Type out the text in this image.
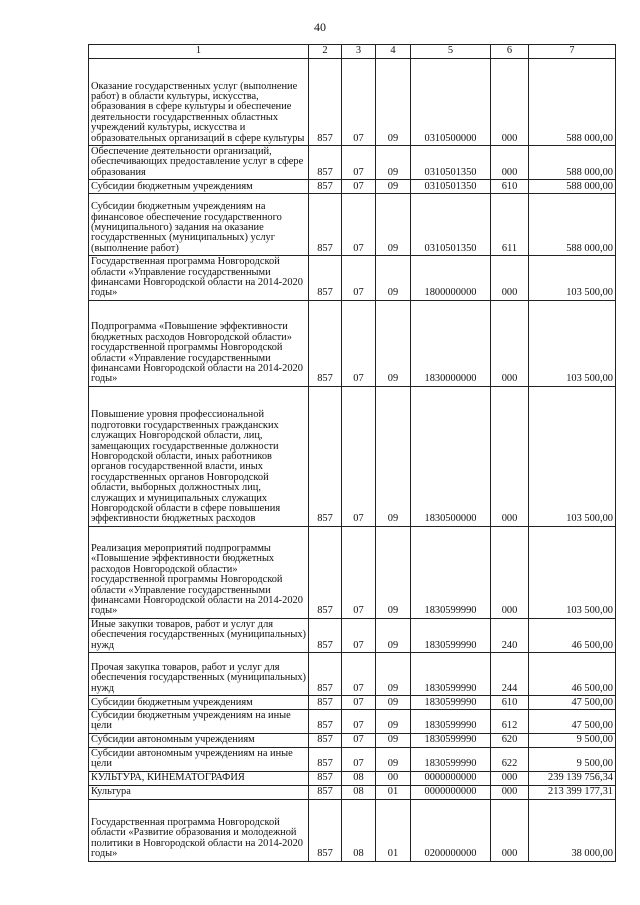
40
1	2	3	4	5	6	7
Оказание государственных услуг (выполнение работ) в области культуры, искусства, образования в сфере культуры и обеспечение деятельности государственных областных учреждений культуры, искусства и образовательных организаций в сфере культуры	857	07	09	0310500000	000	588 000,00
Обеспечение деятельности организаций, обеспечивающих предоставление услуг в сфере образования	857	07	09	0310501350	000	588 000,00
Субсидии бюджетным учреждениям	857	07	09	0310501350	610	588 000,00
Субсидии бюджетным учреждениям на финансовое обеспечение государственного (муниципального) задания на оказание государственных (муниципальных) услуг (выполнение работ)	857	07	09	0310501350	611	588 000,00
Государственная программа Новгородской области «Управление государственными финансами Новгородской области на 2014-2020 годы»	857	07	09	1800000000	000	103 500,00
Подпрограмма «Повышение эффективности бюджетных расходов Новгородской области» государственной программы Новгородской области «Управление государственными финансами Новгородской области на 2014-2020 годы»	857	07	09	1830000000	000	103 500,00
Повышение уровня профессиональной подготовки государственных гражданских служащих Новгородской области, лиц, замещающих государственные должности Новгородской области, иных работников органов государственной власти, иных государственных органов Новгородской области, выборных должностных лиц, служащих и муниципальных служащих Новгородской области в сфере повышения эффективности бюджетных расходов	857	07	09	1830500000	000	103 500,00
Реализация мероприятий подпрограммы «Повышение эффективности бюджетных расходов Новгородской области» государственной программы Новгородской области «Управление государственными финансами Новгородской области на 2014-2020 годы»	857	07	09	1830599990	000	103 500,00
Иные закупки товаров, работ и услуг для обеспечения государственных (муниципальных) нужд	857	07	09	1830599990	240	46 500,00
Прочая закупка товаров, работ и услуг для обеспечения государственных (муниципальных) нужд	857	07	09	1830599990	244	46 500,00
Субсидии бюджетным учреждениям	857	07	09	1830599990	610	47 500,00
Субсидии бюджетным учреждениям на иные цели	857	07	09	1830599990	612	47 500,00
Субсидии автономным учреждениям	857	07	09	1830599990	620	9 500,00
Субсидии автономным учреждениям на иные цели	857	07	09	1830599990	622	9 500,00
КУЛЬТУРА, КИНЕМАТОГРАФИЯ	857	08	00	0000000000	000	239 139 756,34
Культура	857	08	01	0000000000	000	213 399 177,31
Государственная программа Новгородской области «Развитие образования и молодежной политики в Новгородской области на 2014-2020 годы»	857	08	01	0200000000	000	38 000,00
